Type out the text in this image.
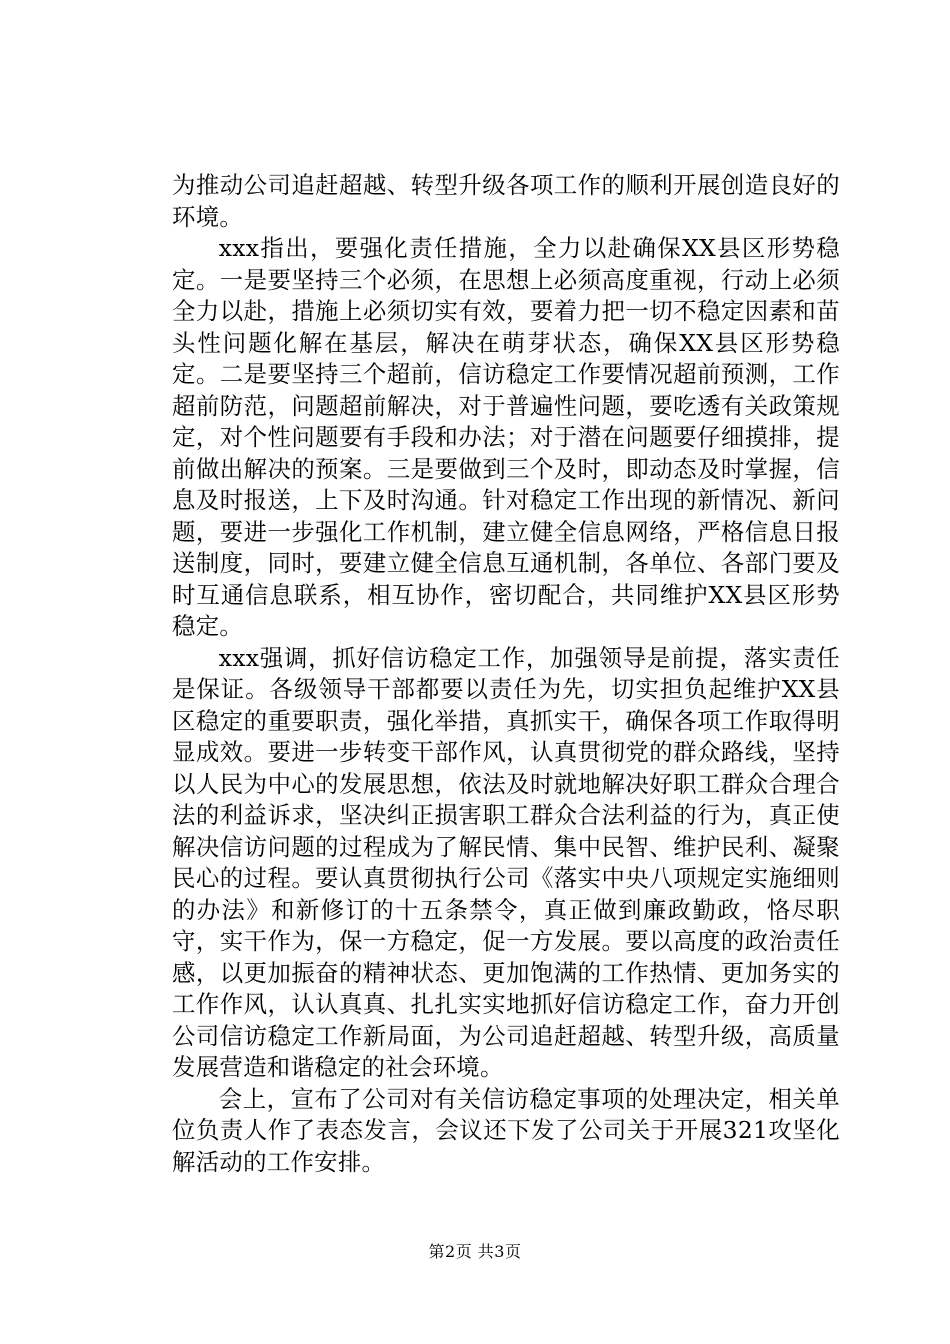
为推动公司追赶超越、转型升级各项工作的顺利开展创造良好的环境。

xxx指出，要强化责任措施，全力以赴确保XX县区形势稳定。一是要坚持三个必须，在思想上必须高度重视，行动上必须全力以赴，措施上必须切实有效，要着力把一切不稳定因素和苗头性问题化解在基层，解决在萌芽状态，确保XX县区形势稳定。二是要坚持三个超前，信访稳定工作要情况超前预测，工作超前防范，问题超前解决，对于普遍性问题，要吃透有关政策规定，对个性问题要有手段和办法；对于潜在问题要仔细摸排，提前做出解决的预案。三是要做到三个及时，即动态及时掌握，信息及时报送，上下及时沟通。针对稳定工作出现的新情况、新问题，要进一步强化工作机制，建立健全信息网络，严格信息日报送制度，同时，要建立健全信息互通机制，各单位、各部门要及时互通信息联系，相互协作，密切配合，共同维护XX县区形势稳定。

xxx强调，抓好信访稳定工作，加强领导是前提，落实责任是保证。各级领导干部都要以责任为先，切实担负起维护XX县区稳定的重要职责，强化举措，真抓实干，确保各项工作取得明显成效。要进一步转变干部作风，认真贯彻党的群众路线，坚持以人民为中心的发展思想，依法及时就地解决好职工群众合理合法的利益诉求，坚决纠正损害职工群众合法利益的行为，真正使解决信访问题的过程成为了解民情、集中民智、维护民利、凝聚民心的过程。要认真贯彻执行公司《落实中央八项规定实施细则的办法》和新修订的十五条禁令，真正做到廉政勤政，恪尽职守，实干作为，保一方稳定，促一方发展。要以高度的政治责任感，以更加振奋的精神状态、更加饱满的工作热情、更加务实的工作作风，认认真真、扎扎实实地抓好信访稳定工作，奋力开创公司信访稳定工作新局面，为公司追赶超越、转型升级，高质量发展营造和谐稳定的社会环境。

会上，宣布了公司对有关信访稳定事项的处理决定，相关单位负责人作了表态发言，会议还下发了公司关于开展321攻坚化解活动的工作安排。

第2页 共3页
